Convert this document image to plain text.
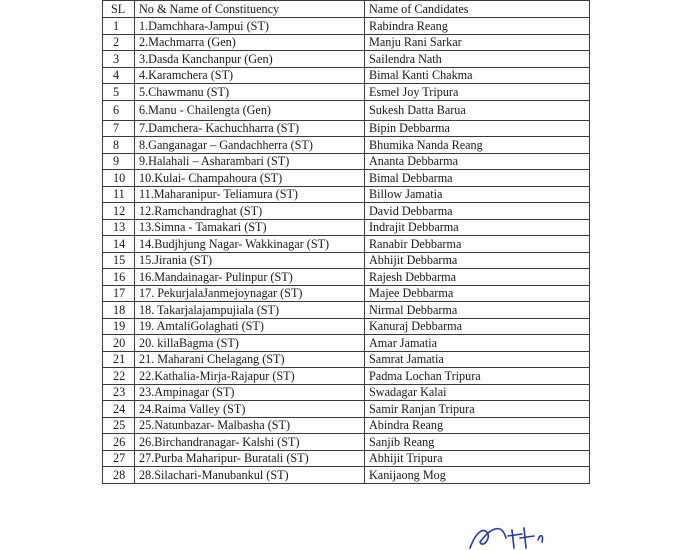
SL	No & Name of Constituency	Name of Candidates
1	1.Damchhara-Jampui (ST)	Rabindra Reang
2	2.Machmarra (Gen)	Manju Rani Sarkar
3	3.Dasda Kanchanpur (Gen)	Sailendra Nath
4	4.Karamchera (ST)	Bimal Kanti Chakma
5	5.Chawmanu (ST)	Esmel Joy Tripura
6	6.Manu - Chailengta (Gen)	Sukesh Datta Barua
7	7.Damchera- Kachuchharra (ST)	Bipin Debbarma
8	8.Ganganagar – Gandachherra (ST)	Bhumika Nanda Reang
9	9.Halahali – Asharambari (ST)	Ananta Debbarma
10	10.Kulai- Champahoura (ST)	Bimal Debbarma
11	11.Maharanipur- Teliamura (ST)	Billow Jamatia
12	12.Ramchandraghat (ST)	David Debbarma
13	13.Simna - Tamakari (ST)	Indrajit Debbarma
14	14.Budjhjung Nagar- Wakkinagar (ST)	Ranabir Debbarma
15	15.Jirania (ST)	Abhijit Debbarma
16	16.Mandainagar- Pulinpur (ST)	Rajesh Debbarma
17	17. PekurjalaJanmejoynagar (ST)	Majee Debbarma
18	18. Takarjalajampujiala (ST)	Nirmal Debbarma
19	19. AmtaliGolaghati (ST)	Kanuraj Debbarma
20	20. killaBagma (ST)	Amar Jamatia
21	21. Maharani Chelagang (ST)	Samrat Jamatia
22	22.Kathalia-Mirja-Rajapur (ST)	Padma Lochan Tripura
23	23.Ampinagar (ST)	Swadagar Kalai
24	24.Raima Valley (ST)	Samir Ranjan Tripura
25	25.Natunbazar- Malbasha (ST)	Abindra Reang
26	26.Birchandranagar- Kalshi (ST)	Sanjib Reang
27	27.Purba Maharipur- Buratali (ST)	Abhijit Tripura
28	28.Silachari-Manubankul (ST)	Kanijaong Mog
